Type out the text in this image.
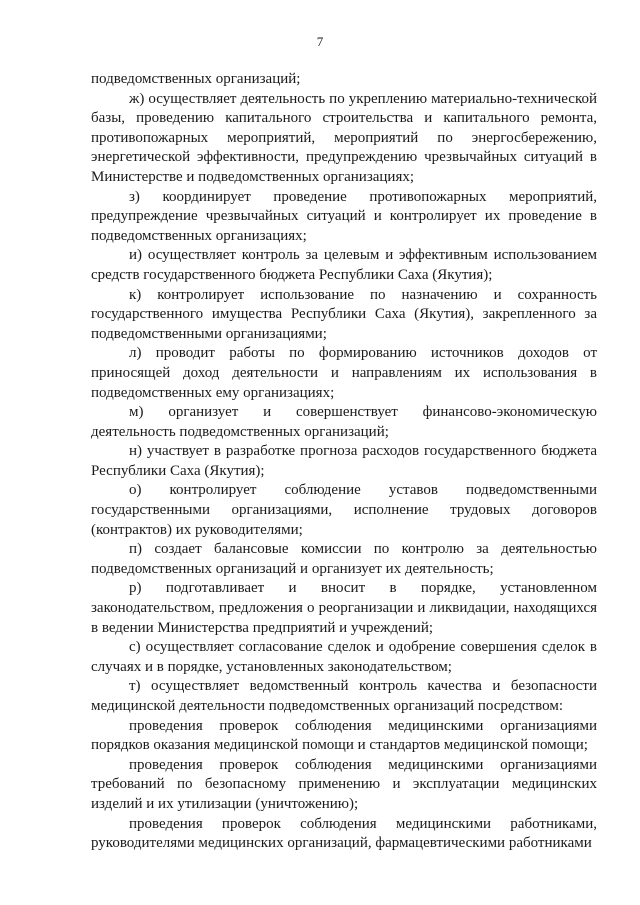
7

подведомственных организаций;

ж) осуществляет деятельность по укреплению материально-технической базы, проведению капитального строительства и капитального ремонта, противопожарных мероприятий, мероприятий по энергосбережению, энергетической эффективности, предупреждению чрезвычайных ситуаций в Министерстве и подведомственных организациях;

з) координирует проведение противопожарных мероприятий, предупреждение чрезвычайных ситуаций и контролирует их проведение в подведомственных организациях;

и) осуществляет контроль за целевым и эффективным использованием средств государственного бюджета Республики Саха (Якутия);

к) контролирует использование по назначению и сохранность государственного имущества Республики Саха (Якутия), закрепленного за подведомственными организациями;

л) проводит работы по формированию источников доходов от приносящей доход деятельности и направлениям их использования в подведомственных ему организациях;

м) организует и совершенствует финансово-экономическую деятельность подведомственных организаций;

н) участвует в разработке прогноза расходов государственного бюджета Республики Саха (Якутия);

о) контролирует соблюдение уставов подведомственными государственными организациями, исполнение трудовых договоров (контрактов) их руководителями;

п) создает балансовые комиссии по контролю за деятельностью подведомственных организаций и организует их деятельность;

р) подготавливает и вносит в порядке, установленном законодательством, предложения о реорганизации и ликвидации, находящихся в ведении Министерства предприятий и учреждений;

с) осуществляет согласование сделок и одобрение совершения сделок в случаях и в порядке, установленных законодательством;

т) осуществляет ведомственный контроль качества и безопасности медицинской деятельности подведомственных организаций посредством:

проведения проверок соблюдения медицинскими организациями порядков оказания медицинской помощи и стандартов медицинской помощи;

проведения проверок соблюдения медицинскими организациями требований по безопасному применению и эксплуатации медицинских изделий и их утилизации (уничтожению);

проведения проверок соблюдения медицинскими работниками, руководителями медицинских организаций, фармацевтическими работниками
